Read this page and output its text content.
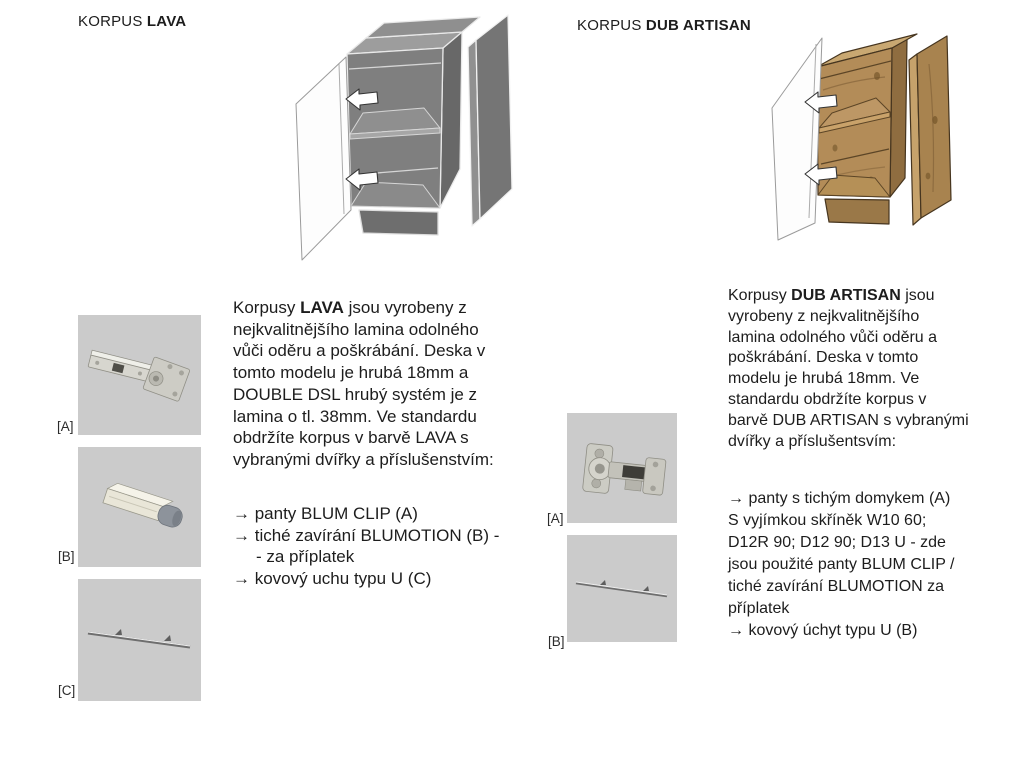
KORPUS LAVA	KORPUS DUB ARTISAN
[A]
[B]
[C]
Korpusy LAVA jsou vyrobeny z
nejkvalitnějšího lamina odolného
vůči oděru a poškrábání. Deska v
tomto modelu je hrubá 18mm a
DOUBLE DSL hrubý systém je z
lamina o tl. 38mm. Ve standardu
obdržíte korpus v barvě LAVA s
vybranými dvířky a příslušenstvím:
→ panty BLUM CLIP (A)
→ tiché zavírání BLUMOTION (B) -
- za příplatek
→ kovový uchu typu U (C)
[A]
[B]
Korpusy DUB ARTISAN jsou
vyrobeny z nejkvalitnějšího
lamina odolného vůči oděru a
poškrábání. Deska v tomto
modelu je hrubá 18mm. Ve
standardu obdržíte korpus v
barvě DUB ARTISAN s vybranými
dvířky a příslušentsvím:
→ panty s tichým domykem (A)
S vyjímkou skříněk W10 60;
D12R 90; D12 90; D13 U - zde
jsou použité panty BLUM CLIP /
tiché zavírání BLUMOTION za
příplatek
→ kovový úchyt typu U (B)
